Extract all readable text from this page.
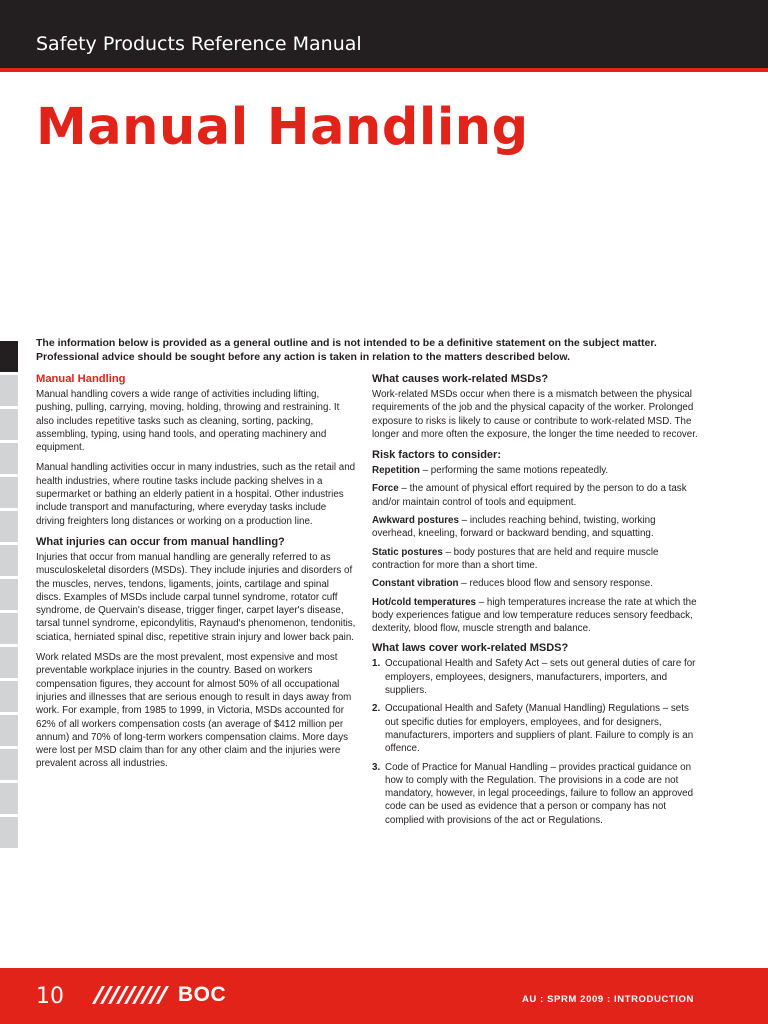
Safety Products Reference Manual
Manual Handling

The information below is provided as a general outline and is not intended to be a definitive statement on the subject matter. Professional advice should be sought before any action is taken in relation to the matters described below.

Manual Handling

Manual handling covers a wide range of activities including lifting, pushing, pulling, carrying, moving, holding, throwing and restraining. It also includes repetitive tasks such as cleaning, sorting, packing, assembling, typing, using hand tools, and operating machinery and equipment.

Manual handling activities occur in many industries, such as the retail and health industries, where routine tasks include packing shelves in a supermarket or bathing an elderly patient in a hospital. Other industries include transport and manufacturing, where everyday tasks include driving freighters long distances or working on a production line.

What injuries can occur from manual handling?

Injuries that occur from manual handling are generally referred to as musculoskeletal disorders (MSDs). They include injuries and disorders of the muscles, nerves, tendons, ligaments, joints, cartilage and spinal discs. Examples of MSDs include carpal tunnel syndrome, rotator cuff syndrome, de Quervain's disease, trigger finger, carpet layer's disease, tarsal tunnel syndrome, epicondylitis, Raynaud's phenomenon, tendonitis, sciatica, herniated spinal disc, repetitive strain injury and lower back pain.

Work related MSDs are the most prevalent, most expensive and most preventable workplace injuries in the country. Based on workers compensation figures, they account for almost 50% of all occupational injuries and illnesses that are serious enough to result in days away from work. For example, from 1985 to 1999, in Victoria, MSDs accounted for 62% of all workers compensation costs (an average of $412 million per annum) and 70% of long-term workers compensation claims. More days were lost per MSD claim than for any other claim and the injuries were prevalent across all industries.

What causes work-related MSDs?

Work-related MSDs occur when there is a mismatch between the physical requirements of the job and the physical capacity of the worker. Prolonged exposure to risks is likely to cause or contribute to work-related MSD. The longer and more often the exposure, the longer the time needed to recover.

Risk factors to consider:
Repetition – performing the same motions repeatedly.
Force – the amount of physical effort required by the person to do a task and/or maintain control of tools and equipment.
Awkward postures – includes reaching behind, twisting, working overhead, kneeling, forward or backward bending, and squatting.
Static postures – body postures that are held and require muscle contraction for more than a short time.
Constant vibration – reduces blood flow and sensory response.
Hot/cold temperatures – high temperatures increase the rate at which the body experiences fatigue and low temperature reduces sensory feedback, dexterity, blood flow, muscle strength and balance.
What laws cover work-related MSDS?
1. Occupational Health and Safety Act – sets out general duties of care for employers, employees, designers, manufacturers, importers, and suppliers.
2. Occupational Health and Safety (Manual Handling) Regulations – sets out specific duties for employers, employees, and for designers, manufacturers, importers and suppliers of plant. Failure to comply is an offence.
3. Code of Practice for Manual Handling – provides practical guidance on how to comply with the Regulation. The provisions in a code are not mandatory, however, in legal proceedings, failure to follow an approved code can be used as evidence that a person or company has not complied with provisions of the act or Regulations.
10	BOC	AU : SPRM 2009 : INTRODUCTION
